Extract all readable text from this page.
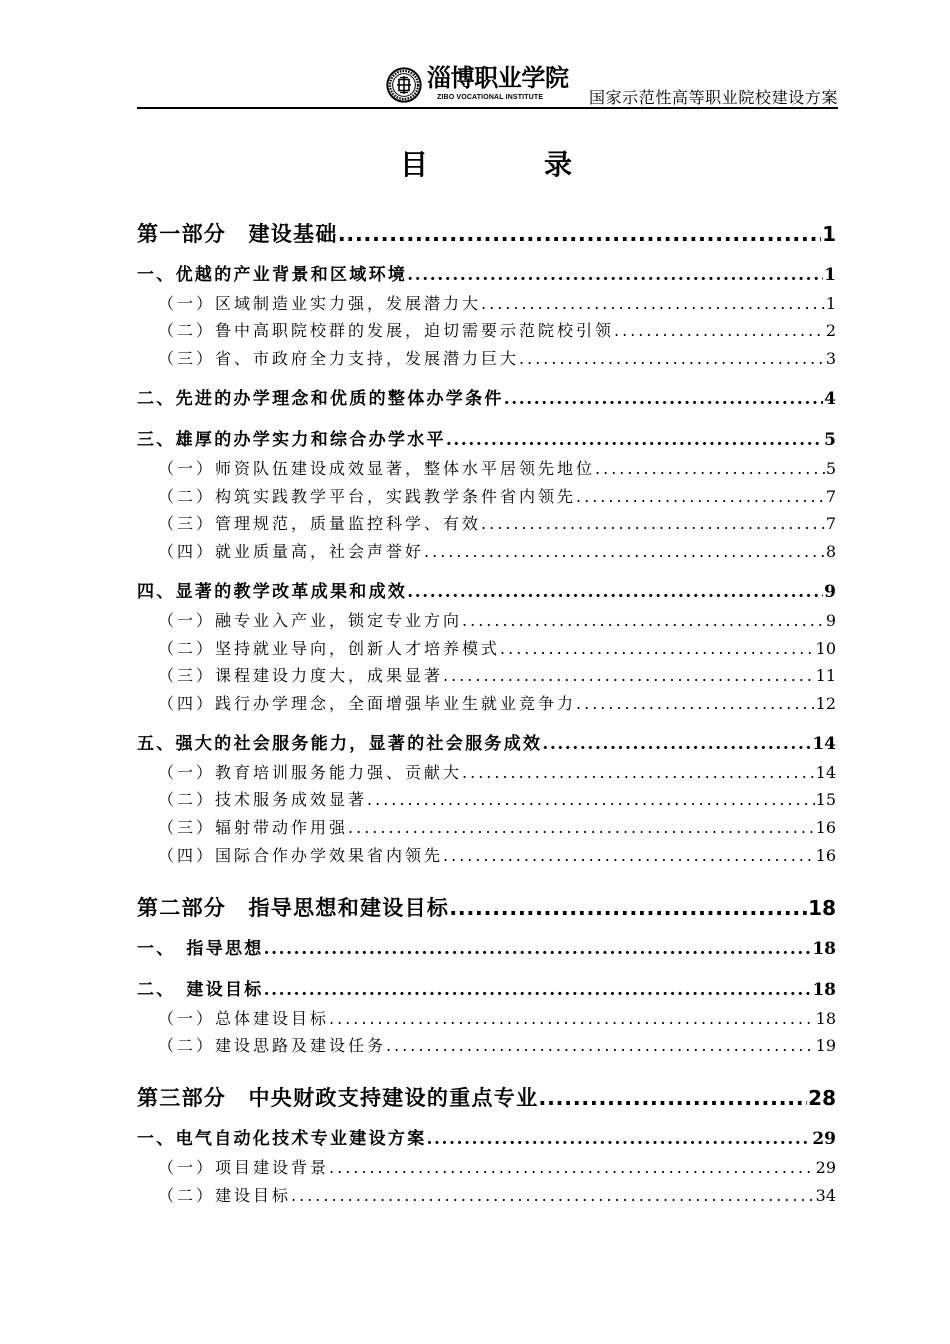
淄博职业学院
ZIBO VOCATIONAL INSTITUTE	国家示范性高等职业院校建设方案
目　　录
第一部分　建设基础 .....	1
一、优越的产业背景和区域环境 .....	1
（一）区域制造业实力强，发展潜力大 .....	1
（二）鲁中高职院校群的发展，迫切需要示范院校引领 .....	2
（三）省、市政府全力支持，发展潜力巨大 .....	3
二、先进的办学理念和优质的整体办学条件 .....	4
三、雄厚的办学实力和综合办学水平 .....	5
（一）师资队伍建设成效显著，整体水平居领先地位 .....	5
（二）构筑实践教学平台，实践教学条件省内领先 .....	7
（三）管理规范，质量监控科学、有效 .....	7
（四）就业质量高，社会声誉好 .....	8
四、显著的教学改革成果和成效 .....	9
（一）融专业入产业，锁定专业方向 .....	9
（二）坚持就业导向，创新人才培养模式 .....	10
（三）课程建设力度大，成果显著 .....	11
（四）践行办学理念，全面增强毕业生就业竞争力 .....	12
五、强大的社会服务能力，显著的社会服务成效 .....	14
（一）教育培训服务能力强、贡献大 .....	14
（二）技术服务成效显著 .....	15
（三）辐射带动作用强 .....	16
（四）国际合作办学效果省内领先 .....	16
第二部分　指导思想和建设目标 .....	18
一、　指导思想 .....	18
二、　建设目标 .....	18
（一）总体建设目标 .....	18
（二）建设思路及建设任务 .....	19
第三部分　中央财政支持建设的重点专业 .....	28
一、电气自动化技术专业建设方案 .....	29
（一）项目建设背景 .....	29
（二）建设目标 .....	34
